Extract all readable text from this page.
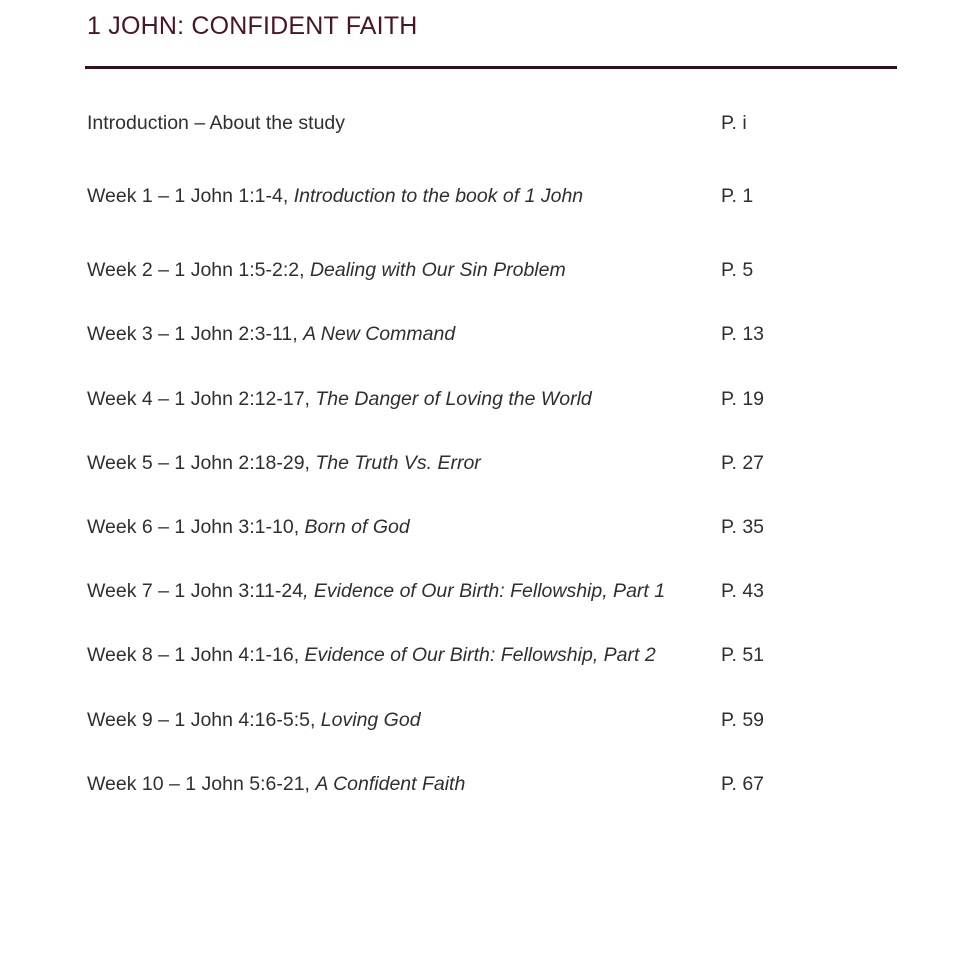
1 JOHN: CONFIDENT FAITH
Introduction – About the study	P. i
Week 1 – 1 John 1:1-4, Introduction to the book of 1 John	P. 1
Week 2 – 1 John 1:5-2:2, Dealing with Our Sin Problem	P. 5
Week 3 – 1 John 2:3-11, A New Command	P. 13
Week 4 – 1 John 2:12-17, The Danger of Loving the World	P. 19
Week 5 – 1 John 2:18-29, The Truth Vs. Error	P. 27
Week 6 – 1 John 3:1-10, Born of God	P. 35
Week 7 – 1 John 3:11-24, Evidence of Our Birth: Fellowship, Part 1	P. 43
Week 8 – 1 John 4:1-16, Evidence of Our Birth: Fellowship, Part 2	P. 51
Week 9 – 1 John 4:16-5:5, Loving God	P. 59
Week 10 – 1 John 5:6-21, A Confident Faith	P. 67
